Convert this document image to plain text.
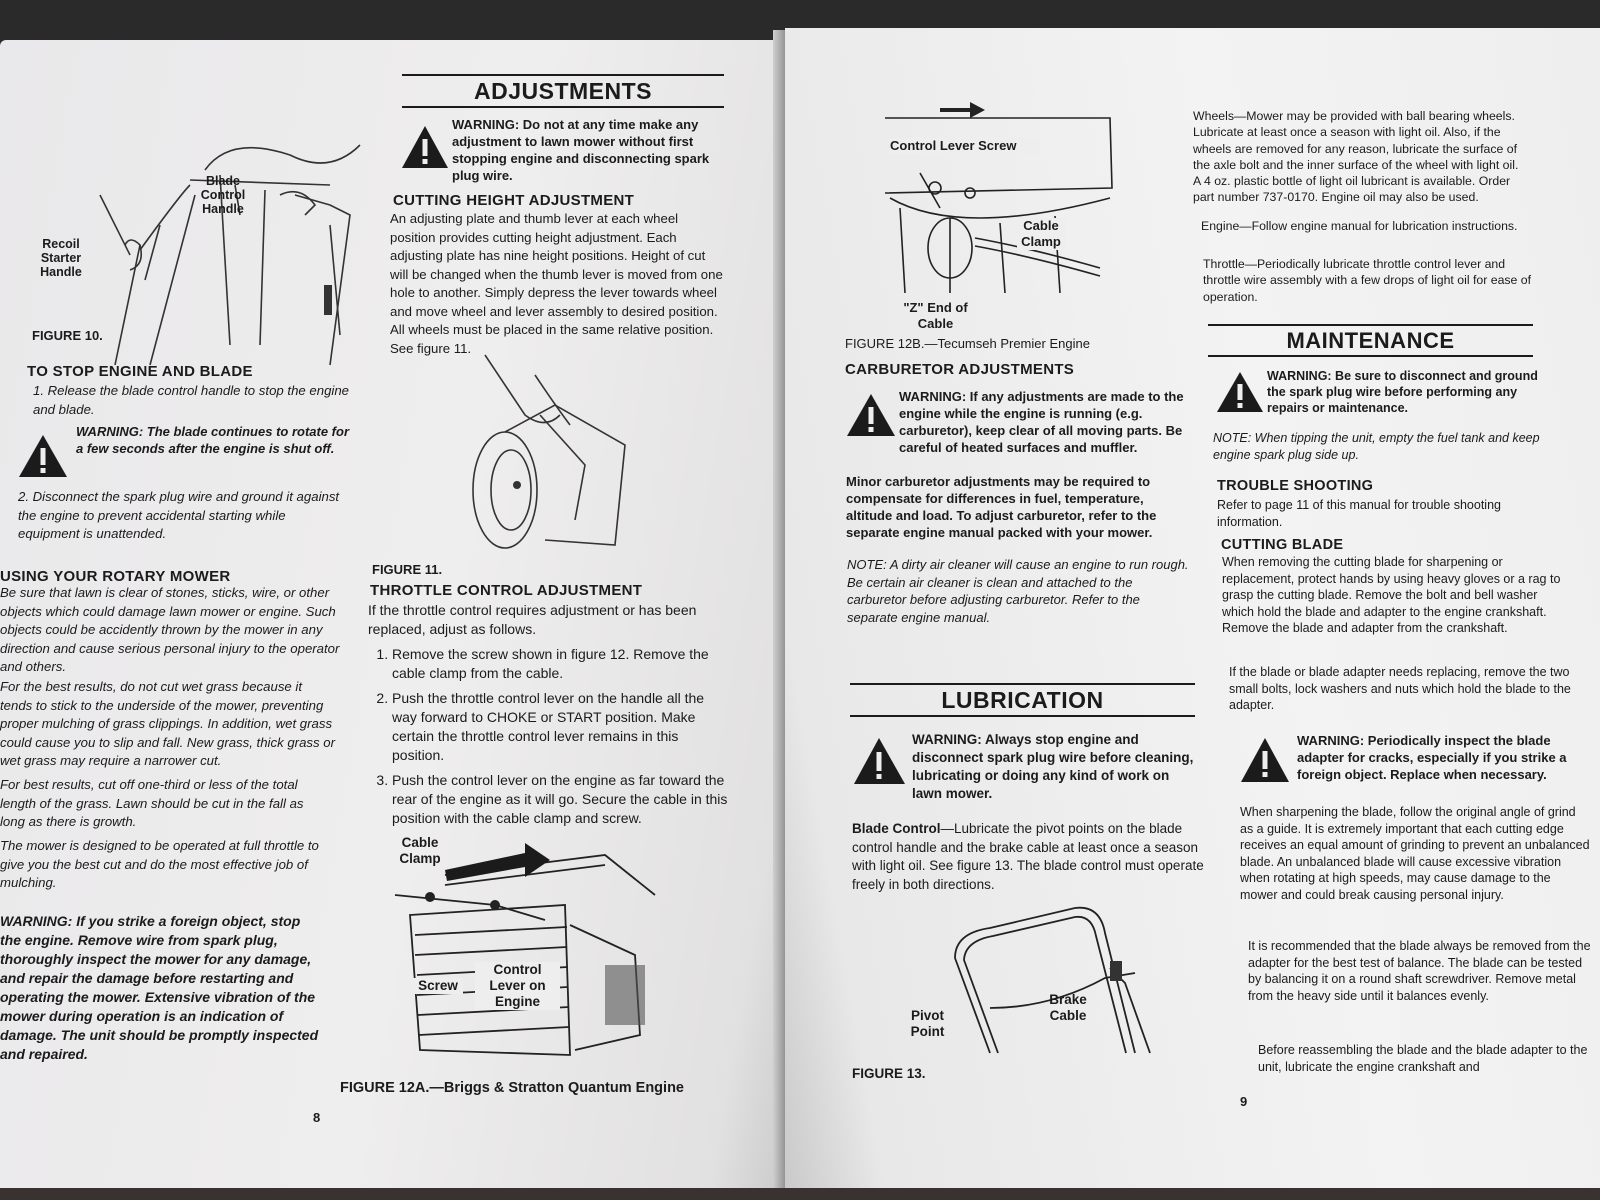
Blade Control Handle
Recoil Starter Handle
FIGURE 10.
TO STOP ENGINE AND BLADE
1. Release the blade control handle to stop the engine and blade.
WARNING: The blade continues to rotate for a few seconds after the engine is shut off.
2. Disconnect the spark plug wire and ground it against the engine to prevent accidental starting while equipment is unattended.
USING YOUR ROTARY MOWER
Be sure that lawn is clear of stones, sticks, wire, or other objects which could damage lawn mower or engine. Such objects could be accidently thrown by the mower in any direction and cause serious personal injury to the operator and others.
For the best results, do not cut wet grass because it tends to stick to the underside of the mower, preventing proper mulching of grass clippings. In addition, wet grass could cause you to slip and fall. New grass, thick grass or wet grass may require a narrower cut.
For best results, cut off one-third or less of the total length of the grass. Lawn should be cut in the fall as long as there is growth.
The mower is designed to be operated at full throttle to give you the best cut and do the most effective job of mulching.
WARNING: If you strike a foreign object, stop the engine. Remove wire from spark plug, thoroughly inspect the mower for any damage, and repair the damage before restarting and operating the mower. Extensive vibration of the mower during operation is an indication of damage. The unit should be promptly inspected and repaired.
ADJUSTMENTS
WARNING: Do not at any time make any adjustment to lawn mower without first stopping engine and disconnecting spark plug wire.
CUTTING HEIGHT ADJUSTMENT
An adjusting plate and thumb lever at each wheel position provides cutting height adjustment. Each adjusting plate has nine height positions. Height of cut will be changed when the thumb lever is moved from one hole to another. Simply depress the lever towards wheel and move wheel and lever assembly to desired position. All wheels must be placed in the same relative position. See figure 11.
FIGURE 11.
THROTTLE CONTROL ADJUSTMENT
If the throttle control requires adjustment or has been replaced, adjust as follows.
1. Remove the screw shown in figure 12. Remove the cable clamp from the cable.
2. Push the throttle control lever on the handle all the way forward to CHOKE or START position. Make certain the throttle control lever remains in this position.
3. Push the control lever on the engine as far toward the rear of the engine as it will go. Secure the cable in this position with the cable clamp and screw.
Cable Clamp
Screw
Control Lever on Engine
FIGURE 12A.—Briggs & Stratton Quantum Engine
8
Control Lever Screw
Cable Clamp
"Z" End of Cable
FIGURE 12B.—Tecumseh Premier Engine
CARBURETOR ADJUSTMENTS
WARNING: If any adjustments are made to the engine while the engine is running (e.g. carburetor), keep clear of all moving parts. Be careful of heated surfaces and muffler.
Minor carburetor adjustments may be required to compensate for differences in fuel, temperature, altitude and load. To adjust carburetor, refer to the separate engine manual packed with your mower.
NOTE: A dirty air cleaner will cause an engine to run rough. Be certain air cleaner is clean and attached to the carburetor before adjusting carburetor. Refer to the separate engine manual.
LUBRICATION
WARNING: Always stop engine and disconnect spark plug wire before cleaning, lubricating or doing any kind of work on lawn mower.
Blade Control—Lubricate the pivot points on the blade control handle and the brake cable at least once a season with light oil. See figure 13. The blade control must operate freely in both directions.
Pivot Point
Brake Cable
FIGURE 13.
Wheels—Mower may be provided with ball bearing wheels. Lubricate at least once a season with light oil. Also, if the wheels are removed for any reason, lubricate the surface of the axle bolt and the inner surface of the wheel with light oil. A 4 oz. plastic bottle of light oil lubricant is available. Order part number 737-0170. Engine oil may also be used.
Engine—Follow engine manual for lubrication instructions.
Throttle—Periodically lubricate throttle control lever and throttle wire assembly with a few drops of light oil for ease of operation.
MAINTENANCE
WARNING: Be sure to disconnect and ground the spark plug wire before performing any repairs or maintenance.
NOTE: When tipping the unit, empty the fuel tank and keep engine spark plug side up.
TROUBLE SHOOTING
Refer to page 11 of this manual for trouble shooting information.
CUTTING BLADE
When removing the cutting blade for sharpening or replacement, protect hands by using heavy gloves or a rag to grasp the cutting blade. Remove the bolt and bell washer which hold the blade and adapter to the engine crankshaft. Remove the blade and adapter from the crankshaft.
If the blade or blade adapter needs replacing, remove the two small bolts, lock washers and nuts which hold the blade to the adapter.
WARNING: Periodically inspect the blade adapter for cracks, especially if you strike a foreign object. Replace when necessary.
When sharpening the blade, follow the original angle of grind as a guide. It is extremely important that each cutting edge receives an equal amount of grinding to prevent an unbalanced blade. An unbalanced blade will cause excessive vibration when rotating at high speeds, may cause damage to the mower and could break causing personal injury.
It is recommended that the blade always be removed from the adapter for the best test of balance. The blade can be tested by balancing it on a round shaft screwdriver. Remove metal from the heavy side until it balances evenly.
Before reassembling the blade and the blade adapter to the unit, lubricate the engine crankshaft and
9
